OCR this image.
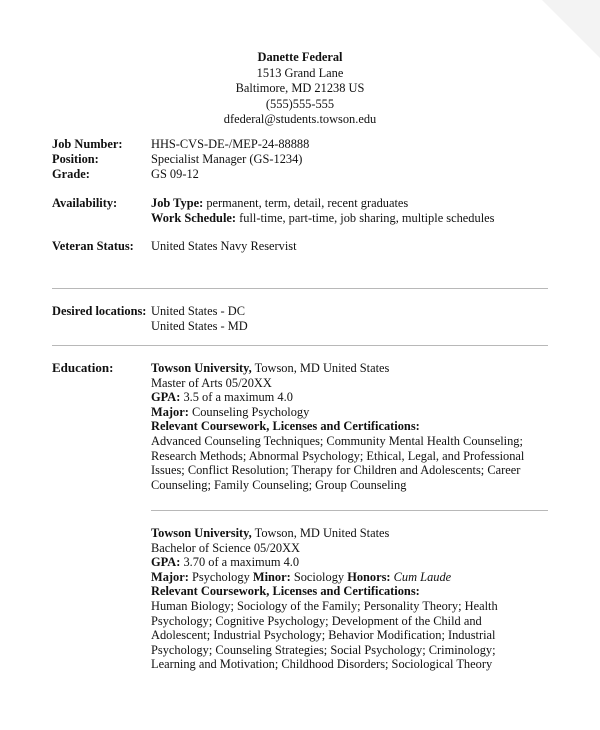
Danette Federal
1513 Grand Lane
Baltimore, MD 21238 US
(555)555-555
dfederal@students.towson.edu
Job Number: HHS-CVS-DE-/MEP-24-88888
Position:	Specialist Manager (GS-1234)
Grade:	GS 09-12
Availability:	Job Type: permanent, term, detail, recent graduates
Work Schedule: full-time, part-time, job sharing, multiple schedules
Veteran Status: United States Navy Reservist
Desired locations: United States - DC
United States - MD
Education:	Towson University, Towson, MD United States
Master of Arts 05/20XX
GPA: 3.5 of a maximum 4.0
Major: Counseling Psychology
Relevant Coursework, Licenses and Certifications:
Advanced Counseling Techniques; Community Mental Health Counseling;
Research Methods; Abnormal Psychology; Ethical, Legal, and Professional
Issues; Conflict Resolution; Therapy for Children and Adolescents; Career
Counseling; Family Counseling; Group Counseling
Towson University, Towson, MD United States
Bachelor of Science 05/20XX
GPA: 3.70 of a maximum 4.0
Major: Psychology Minor: Sociology Honors: Cum Laude
Relevant Coursework, Licenses and Certifications:
Human Biology; Sociology of the Family; Personality Theory; Health
Psychology; Cognitive Psychology; Development of the Child and
Adolescent; Industrial Psychology; Behavior Modification; Industrial
Psychology; Counseling Strategies; Social Psychology; Criminology;
Learning and Motivation; Childhood Disorders; Sociological Theory
